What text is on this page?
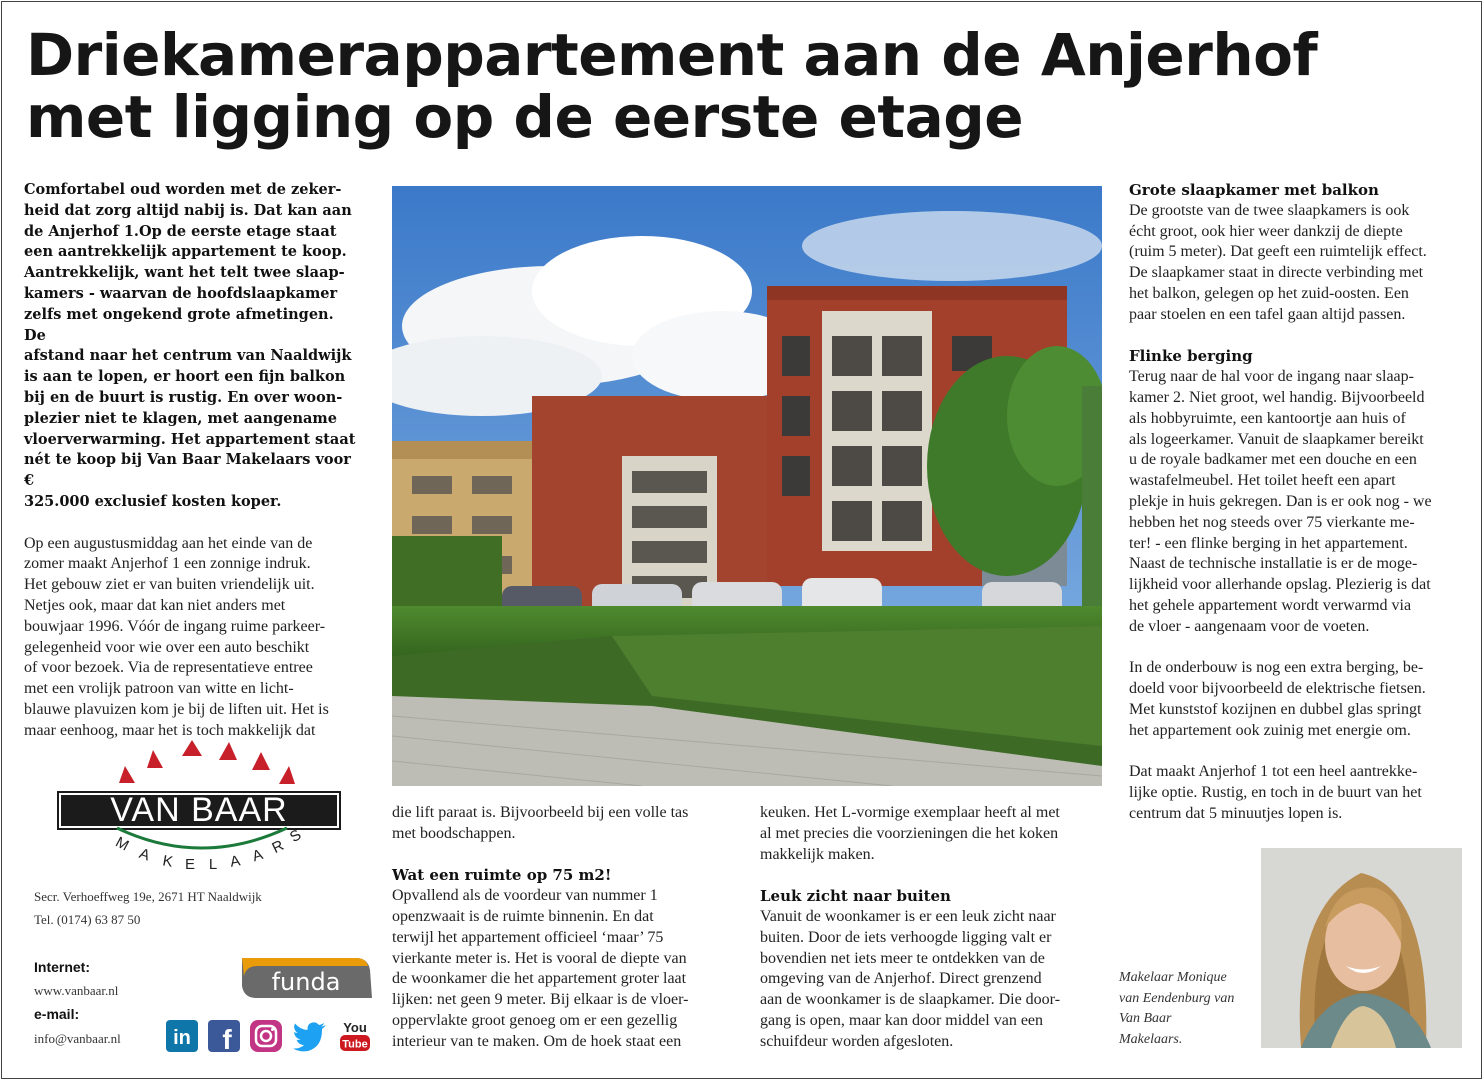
Driekamerappartement aan de Anjerhof
met ligging op de eerste etage

Comfortabel oud worden met de zeker-

heid dat zorg altijd nabij is. Dat kan aan

de Anjerhof 1.Op de eerste etage staat

een aantrekkelijk appartement te koop.

Aantrekkelijk, want het telt twee slaap-

kamers - waarvan de hoofdslaapkamer

zelfs met ongekend grote afmetingen. De

afstand naar het centrum van Naaldwijk

is aan te lopen, er hoort een fijn balkon

bij en de buurt is rustig. En over woon-

plezier niet te klagen, met aangename

vloerverwarming. Het appartement staat

nét te koop bij Van Baar Makelaars voor €

325.000 exclusief kosten koper.

Op een augustusmiddag aan het einde van de

zomer maakt Anjerhof 1 een zonnige indruk.

Het gebouw ziet er van buiten vriendelijk uit.

Netjes ook, maar dat kan niet anders met

bouwjaar 1996. Vóór de ingang ruime parkeer-

gelegenheid voor wie over een auto beschikt

of voor bezoek. Via de representatieve entree

met een vrolijk patroon van witte en licht-

blauwe plavuizen kom je bij de liften uit. Het is

maar eenhoog, maar het is toch makkelijk dat

VAN BAAR
M
A K E L A A R
S
Secr. Verhoeffweg 19e, 2671 HT Naaldwijk
Tel. (0174) 63 87 50
Internet:
www.vanbaar.nl
e-mail:
info@vanbaar.nl
funda
in f	You
Tube

die lift paraat is. Bijvoorbeeld bij een volle tas

met boodschappen.

Wat een ruimte op 75 m2!

Opvallend als de voordeur van nummer 1

openzwaait is de ruimte binnenin. En dat

terwijl het appartement officieel ‘maar’ 75

vierkante meter is. Het is vooral de diepte van

de woonkamer die het appartement groter laat

lijken: net geen 9 meter. Bij elkaar is de vloer-

oppervlakte groot genoeg om er een gezellig

interieur van te maken. Om de hoek staat een

keuken. Het L-vormige exemplaar heeft al met

al met precies die voorzieningen die het koken

makkelijk maken.

Leuk zicht naar buiten

Vanuit de woonkamer is er een leuk zicht naar

buiten. Door de iets verhoogde ligging valt er

bovendien net iets meer te ontdekken van de

omgeving van de Anjerhof. Direct grenzend

aan de woonkamer is de slaapkamer. Die door-

gang is open, maar kan door middel van een

schuifdeur worden afgesloten.

Grote slaapkamer met balkon

De grootste van de twee slaapkamers is ook

écht groot, ook hier weer dankzij de diepte

(ruim 5 meter). Dat geeft een ruimtelijk effect.

De slaapkamer staat in directe verbinding met

het balkon, gelegen op het zuid-oosten. Een

paar stoelen en een tafel gaan altijd passen.

Flinke berging

Terug naar de hal voor de ingang naar slaap-

kamer 2. Niet groot, wel handig. Bijvoorbeeld

als hobbyruimte, een kantoortje aan huis of

als logeerkamer. Vanuit de slaapkamer bereikt

u de royale badkamer met een douche en een

wastafelmeubel. Het toilet heeft een apart

plekje in huis gekregen. Dan is er ook nog - we

hebben het nog steeds over 75 vierkante me-

ter! - een flinke berging in het appartement.

Naast de technische installatie is er de moge-

lijkheid voor allerhande opslag. Plezierig is dat

het gehele appartement wordt verwarmd via

de vloer - aangenaam voor de voeten.

In de onderbouw is nog een extra berging, be-

doeld voor bijvoorbeeld de elektrische fietsen.

Met kunststof kozijnen en dubbel glas springt

het appartement ook zuinig met energie om.

Dat maakt Anjerhof 1 tot een heel aantrekke-

lijke optie. Rustig, en toch in de buurt van het

centrum dat 5 minuutjes lopen is.

Makelaar Monique
van Eendenburg van
Van Baar
Makelaars.
